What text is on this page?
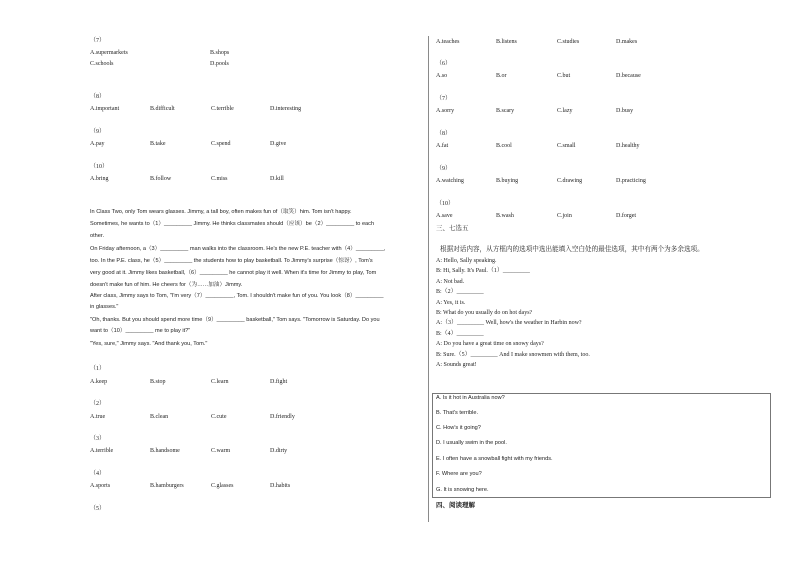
（7）
A.supermarkets	B.shops
C.schools	D.pools
（8）
A.important	B.difficult	C.terrible	D.interesting
（9）
A.pay	B.take	C.spend	D.give
（10）
A.bring	B.follow	C.miss	D.kill
In Class Two, only Tom wears glasses. Jimmy, a tall boy, often makes fun of（取笑）him. Tom isn't happy.
Sometimes, he wants to（1）_________ Jimmy. He thinks classmates should（应该）be（2）_________ to each
other.
On Friday afternoon, a（3）_________ man walks into the classroom. He's the new P.E. teacher with（4）_________,
too. In the P.E. class, he（5）_________ the students how to play basketball. To Jimmy's surprise（惊讶）, Tom's
very good at it. Jimmy likes basketball,（6）_________ he cannot play it well. When it's time for Jimmy to play, Tom
doesn't make fun of him. He cheers for（为……加油）Jimmy.
After class, Jimmy says to Tom, "I'm very（7）_________, Tom. I shouldn't make fun of you. You look（8）_________
in glasses."
"Oh, thanks. But you should spend more time（9）_________ basketball," Tom says. "Tomorrow is Saturday. Do you
want to（10）_________ me to play it?"
"Yes, sure," Jimmy says. "And thank you, Tom."
（1）
A.keep	B.stop	C.learn	D.fight
（2）
A.true	B.clean	C.cute	D.friendly
（3）
A.terrible	B.handsome	C.warm	D.dirty
（4）
A.sports	B.hamburgers	C.glasses	D.habits
（5）
A.teaches	B.listens	C.studies	D.makes
（6）
A.so	B.or	C.but	D.because
（7）
A.sorry	B.scary	C.lazy	D.busy
（8）
A.fat	B.cool	C.small	D.healthy
（9）
A.watching	B.buying	C.drawing	D.practicing
（10）
A.save	B.wash	C.join	D.forget
三、七选五
根据对话内容，从方框内的选项中选出能填入空白处的最佳选项，其中有两个为多余选项。
A: Hello, Sally speaking.
B: Hi, Sally. It's Paul.（1）_________
A: Not bad.
B:（2）_________
A: Yes, it is.
B: What do you usually do on hot days?
A:（3）_________ Well, how's the weather in Harbin now?
B:（4）_________
A: Do you have a great time on snowy days?
B: Sure.（5）_________ And I make snowmen with them, too.
A: Sounds great!
A. Is it hot in Australia now?
B. That's terrible.
C. How's it going?
D. I usually swim in the pool.
E. I often have a snowball fight with my friends.
F. Where are you?
G. It is snowing here.
四、阅读理解
